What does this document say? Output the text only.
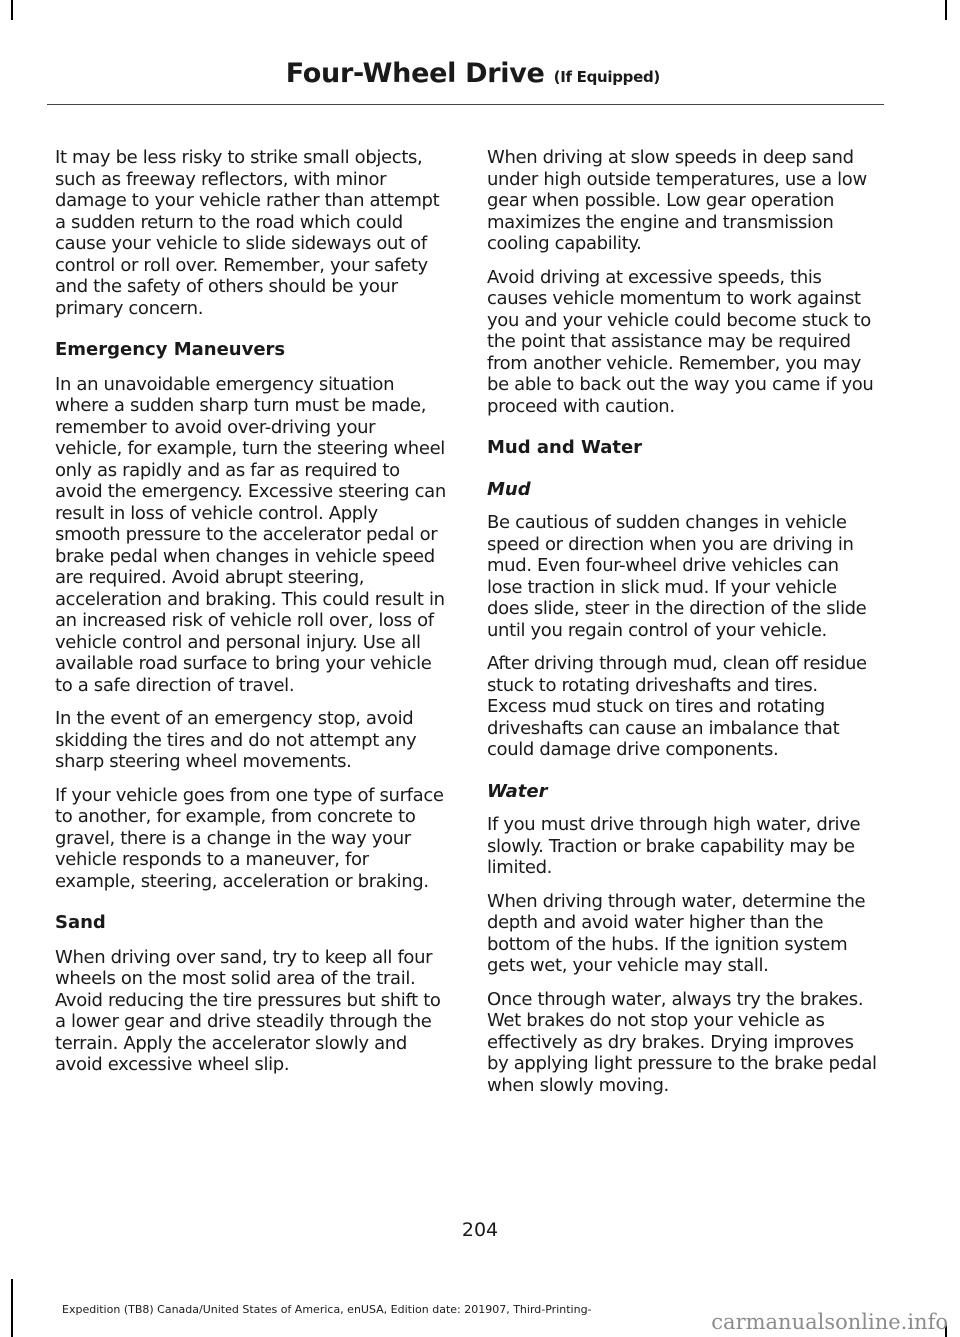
Four-Wheel Drive (If Equipped)

It may be less risky to strike small objects, such as freeway reflectors, with minor damage to your vehicle rather than attempt a sudden return to the road which could cause your vehicle to slide sideways out of control or roll over. Remember, your safety and the safety of others should be your primary concern.

Emergency Maneuvers

In an unavoidable emergency situation where a sudden sharp turn must be made, remember to avoid over-driving your vehicle, for example, turn the steering wheel only as rapidly and as far as required to avoid the emergency. Excessive steering can result in loss of vehicle control. Apply smooth pressure to the accelerator pedal or brake pedal when changes in vehicle speed are required. Avoid abrupt steering, acceleration and braking. This could result in an increased risk of vehicle roll over, loss of vehicle control and personal injury. Use all available road surface to bring your vehicle to a safe direction of travel.

In the event of an emergency stop, avoid skidding the tires and do not attempt any sharp steering wheel movements.

If your vehicle goes from one type of surface to another, for example, from concrete to gravel, there is a change in the way your vehicle responds to a maneuver, for example, steering, acceleration or braking.

Sand

When driving over sand, try to keep all four wheels on the most solid area of the trail. Avoid reducing the tire pressures but shift to a lower gear and drive steadily through the terrain. Apply the accelerator slowly and avoid excessive wheel slip.

When driving at slow speeds in deep sand under high outside temperatures, use a low gear when possible. Low gear operation maximizes the engine and transmission cooling capability.

Avoid driving at excessive speeds, this causes vehicle momentum to work against you and your vehicle could become stuck to the point that assistance may be required from another vehicle. Remember, you may be able to back out the way you came if you proceed with caution.

Mud and Water
Mud

Be cautious of sudden changes in vehicle speed or direction when you are driving in mud. Even four-wheel drive vehicles can lose traction in slick mud. If your vehicle does slide, steer in the direction of the slide until you regain control of your vehicle.

After driving through mud, clean off residue stuck to rotating driveshafts and tires. Excess mud stuck on tires and rotating driveshafts can cause an imbalance that could damage drive components.

Water

If you must drive through high water, drive slowly. Traction or brake capability may be limited.

When driving through water, determine the depth and avoid water higher than the bottom of the hubs. If the ignition system gets wet, your vehicle may stall.

Once through water, always try the brakes. Wet brakes do not stop your vehicle as effectively as dry brakes. Drying improves by applying light pressure to the brake pedal when slowly moving.

204
Expedition (TB8) Canada/United States of America, enUSA, Edition date: 201907, Third-Printing-
carmanualsonline.info
